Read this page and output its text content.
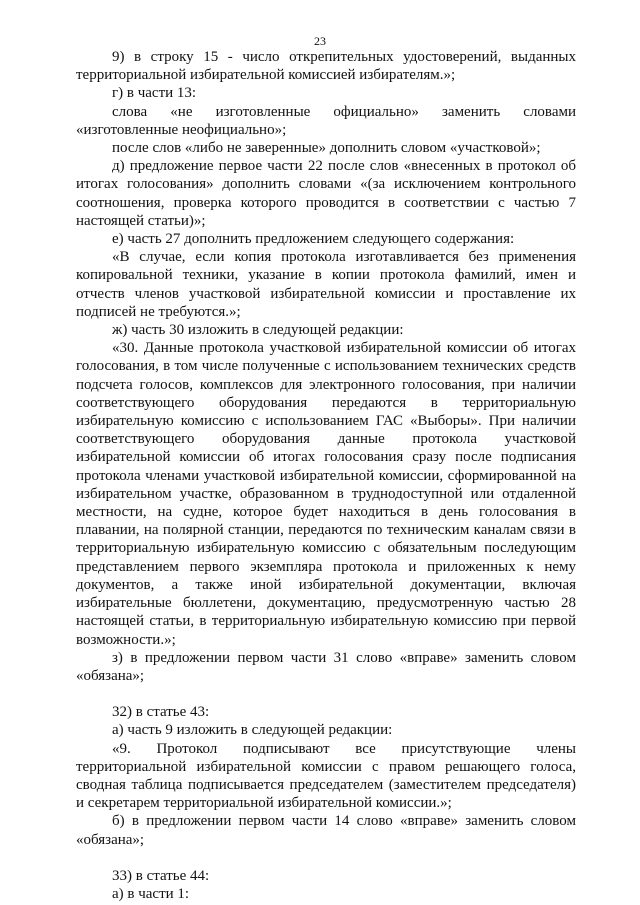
23

9) в строку 15 - число открепительных удостоверений, выданных территориальной избирательной комиссией избирателям.»;

г) в части 13:

слова «не изготовленные официально» заменить словами «изготовленные неофициально»;

после слов «либо не заверенные» дополнить словом «участковой»;

д) предложение первое части 22 после слов «внесенных в протокол об итогах голосования» дополнить словами «(за исключением контрольного соотношения, проверка которого проводится в соответствии с частью 7 настоящей статьи)»;

е) часть 27 дополнить предложением следующего содержания:

«В случае, если копия протокола изготавливается без применения копировальной техники, указание в копии протокола фамилий, имен и отчеств членов участковой избирательной комиссии и проставление их подписей не требуются.»;

ж) часть 30 изложить в следующей редакции:

«30. Данные протокола участковой избирательной комиссии об итогах голосования, в том числе полученные с использованием технических средств подсчета голосов, комплексов для электронного голосования, при наличии соответствующего оборудования передаются в территориальную избирательную комиссию с использованием ГАС «Выборы». При наличии соответствующего оборудования данные протокола участковой избирательной комиссии об итогах голосования сразу после подписания протокола членами участковой избирательной комиссии, сформированной на избирательном участке, образованном в труднодоступной или отдаленной местности, на судне, которое будет находиться в день голосования в плавании, на полярной станции, передаются по техническим каналам связи в территориальную избирательную комиссию с обязательным последующим представлением первого экземпляра протокола и приложенных к нему документов, а также иной избирательной документации, включая избирательные бюллетени, документацию, предусмотренную частью 28 настоящей статьи, в территориальную избирательную комиссию при первой возможности.»;

з) в предложении первом части 31 слово «вправе» заменить словом «обязана»;

32) в статье 43:

а) часть 9 изложить в следующей редакции:

«9. Протокол подписывают все присутствующие члены территориальной избирательной комиссии с правом решающего голоса, сводная таблица подписывается председателем (заместителем председателя) и секретарем территориальной избирательной комиссии.»;

б) в предложении первом части 14 слово «вправе» заменить словом «обязана»;

33) в статье 44:

а) в части 1:
